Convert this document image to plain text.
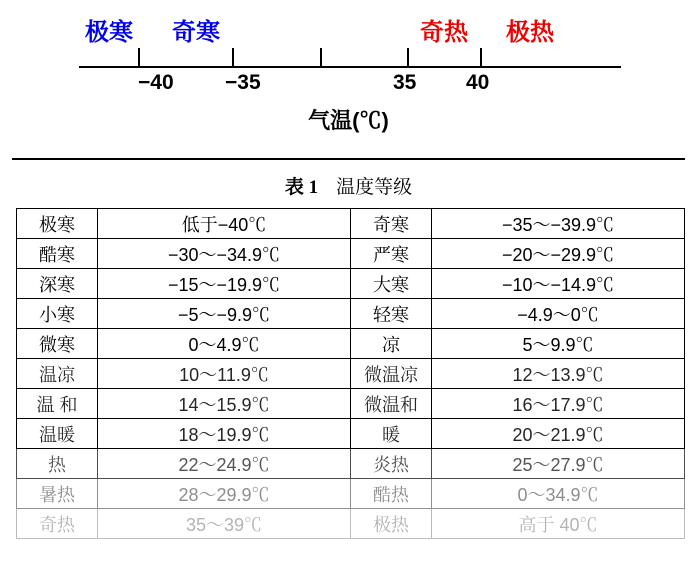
极寒 奇寒	奇热 极热
−40 −35	35 40
气温(℃)
表 1 温度等级
极寒	低于−40℃	奇寒	−35～−39.9℃
酷寒	−30～−34.9℃	严寒	−20～−29.9℃
深寒	−15～−19.9℃	大寒	−10～−14.9℃
小寒	−5～−9.9℃	轻寒	−4.9～0℃
微寒	0～4.9℃	凉	5～9.9℃
温凉	10～11.9℃	微温凉	12～13.9℃
温 和	14～15.9℃	微温和	16～17.9℃
温暖	18～19.9℃	暖	20～21.9℃
热	22～24.9℃	炎热	25～27.9℃
暑热	28～29.9℃	酷热	0～34.9℃
奇热	35～39℃	极热	高于 40℃
